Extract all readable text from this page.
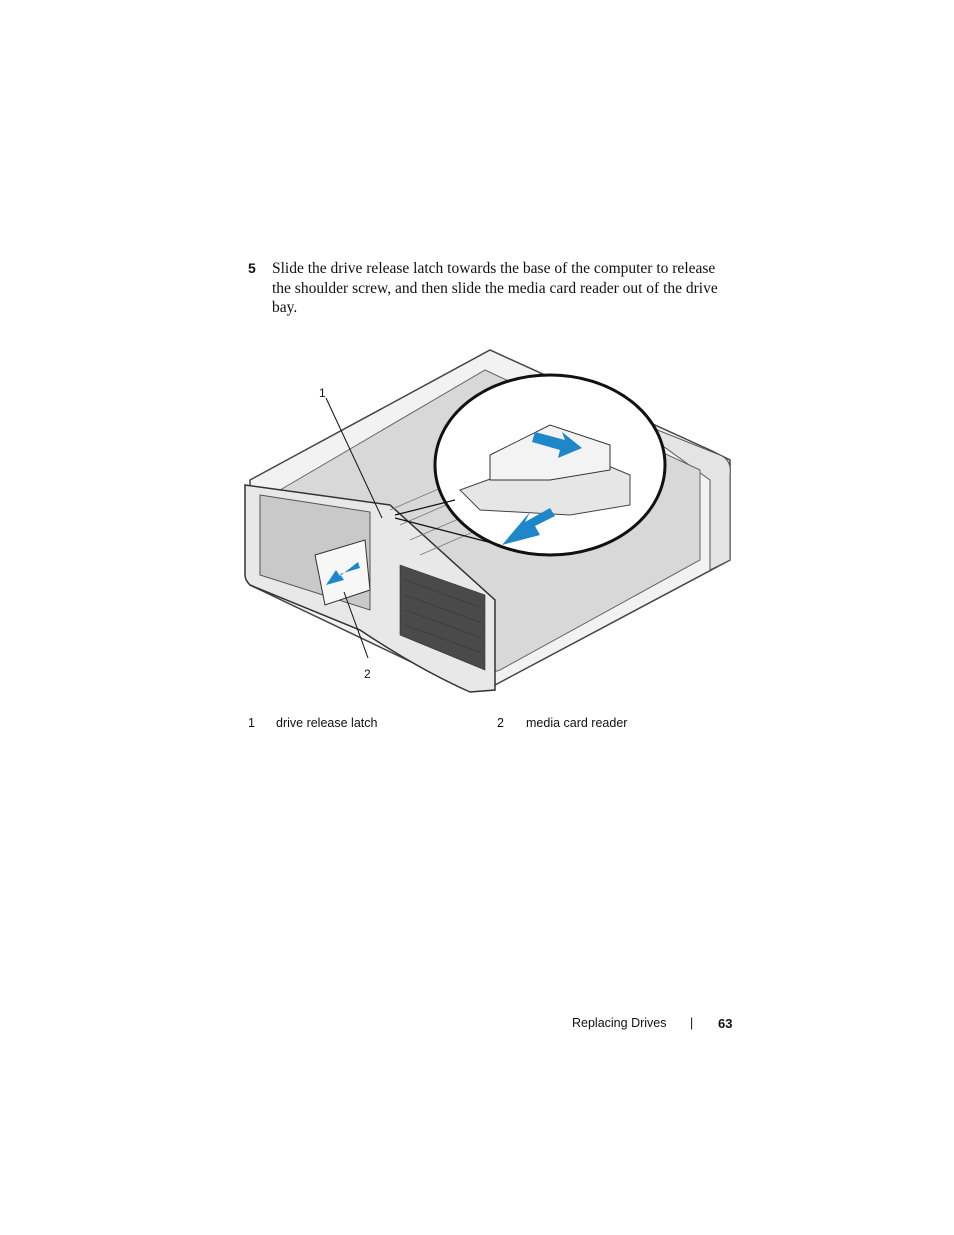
5 Slide the drive release latch towards the base of the computer to release the shoulder screw, and then slide the media card reader out of the drive bay.
1
2
1 drive release latch	2 media card reader
Replacing Drives | 63
